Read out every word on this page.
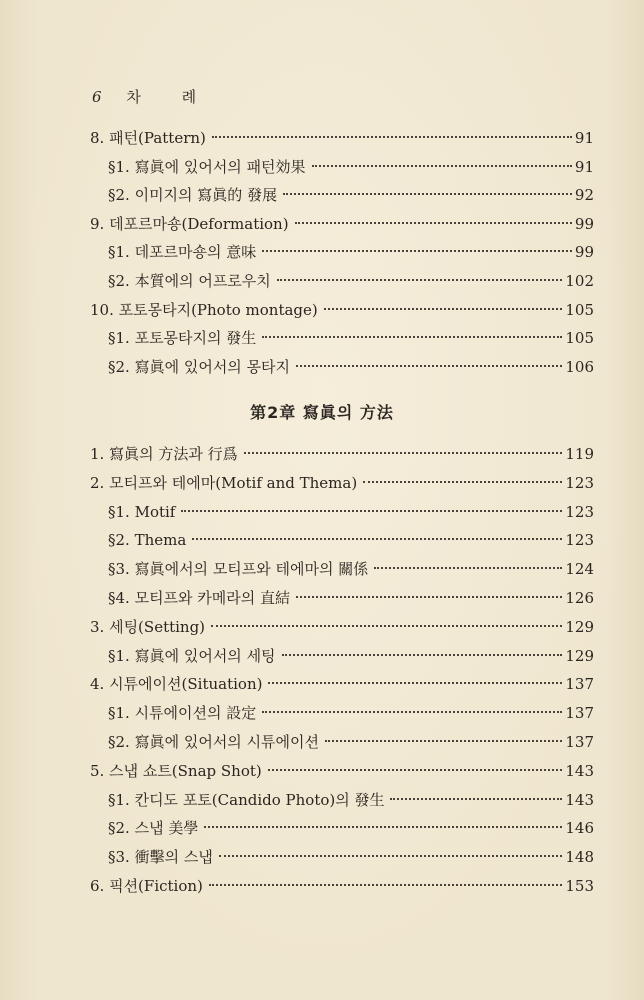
6 차 례
8. 패턴(Pattern)	91
§1. 寫眞에 있어서의 패턴効果	91
§2. 이미지의 寫眞的 發展	92
9. 데포르마숑(Deformation)	99
§1. 데포르마숑의 意味	99
§2. 本質에의 어프로우치	102
10. 포토몽타지(Photo montage)	105
§1. 포토몽타지의 發生	105
§2. 寫眞에 있어서의 몽타지	106
第2章 寫眞의 方法
1. 寫眞의 方法과 行爲	119
2. 모티프와 테에마(Motif and Thema)	123
§1. Motif	123
§2. Thema	123
§3. 寫眞에서의 모티프와 테에마의 關係	124
§4. 모티프와 카메라의 直結	126
3. 세팅(Setting)	129
§1. 寫眞에 있어서의 세팅	129
4. 시튜에이션(Situation)	137
§1. 시튜에이션의 設定	137
§2. 寫眞에 있어서의 시튜에이션	137
5. 스냅 쇼트(Snap Shot)	143
§1. 칸디도 포토(Candido Photo)의 發生	143
§2. 스냅 美學	146
§3. 衝擊의 스냅	148
6. 픽션(Fiction)	153
